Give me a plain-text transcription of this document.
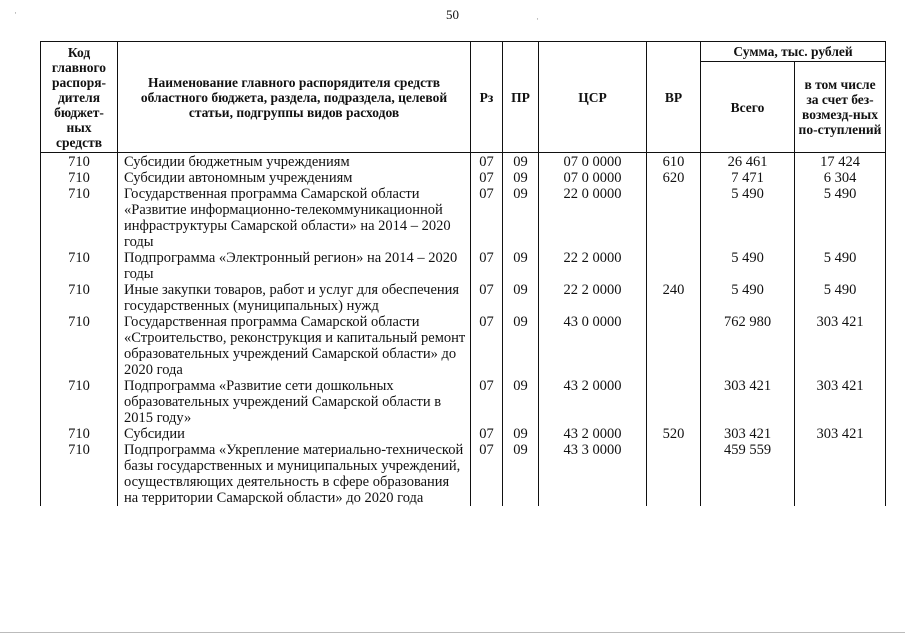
50
·
·
Код главного распоря-дителя бюджет-ных средств	Наименование главного распорядителя средств областного бюджета, раздела, подраздела, целевой статьи, подгруппы видов расходов	Рз	ПР	ЦСР	ВР	Сумма, тыс. рублей	
						Всего	в том числе за счет без-возмезд-ных по-ступлений
710	Субсидии бюджетным учреждениям	07	09	07 0 0000	610	26 461	17 424
710	Субсидии автономным учреждениям	07	09	07 0 0000	620	7 471	6 304
710	Государственная программа Самарской области «Развитие информационно-телекоммуникационной инфраструктуры Самарской области» на 2014 – 2020 годы	07	09	22 0 0000		5 490	5 490
710	Подпрограмма «Электронный регион» на 2014 – 2020 годы	07	09	22 2 0000		5 490	5 490
710	Иные закупки товаров, работ и услуг для обеспечения государственных (муниципальных) нужд	07	09	22 2 0000	240	5 490	5 490
710	Государственная программа Самарской области «Строительство, реконструкция и капитальный ремонт образовательных учреждений Самарской области» до 2020 года	07	09	43 0 0000		762 980	303 421
710	Подпрограмма «Развитие сети дошкольных образовательных учреждений Самарской области в 2015 году»	07	09	43 2 0000		303 421	303 421
710	Субсидии	07	09	43 2 0000	520	303 421	303 421
710	Подпрограмма «Укрепление материально-технической базы государственных и муниципальных учреждений, осуществляющих деятельность в сфере образования на территории Самарской области» до 2020 года	07	09	43 3 0000		459 559	
